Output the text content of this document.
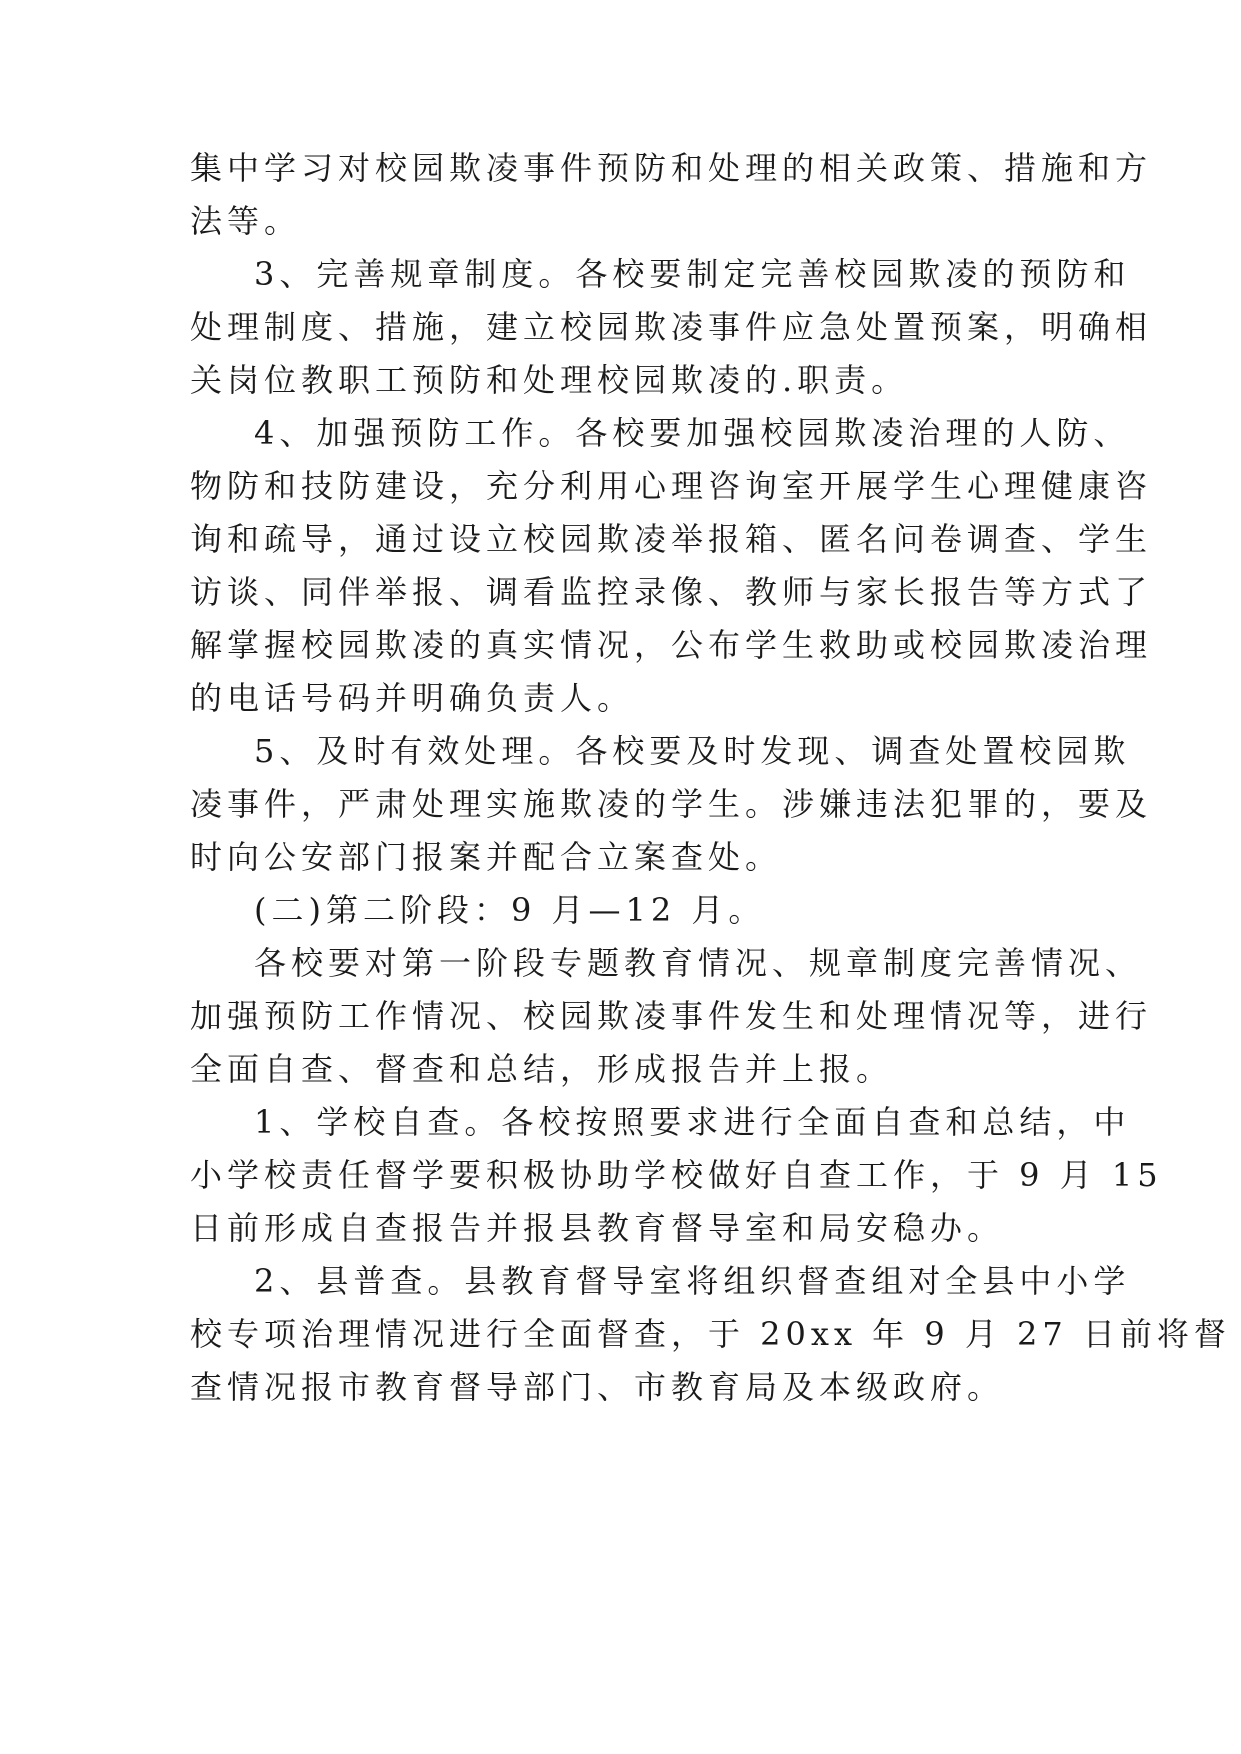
集中学习对校园欺凌事件预防和处理的相关政策、措施和方
法等。
3、完善规章制度。各校要制定完善校园欺凌的预防和
处理制度、措施，建立校园欺凌事件应急处置预案，明确相
关岗位教职工预防和处理校园欺凌的.职责。
4、加强预防工作。各校要加强校园欺凌治理的人防、
物防和技防建设，充分利用心理咨询室开展学生心理健康咨
询和疏导，通过设立校园欺凌举报箱、匿名问卷调查、学生
访谈、同伴举报、调看监控录像、教师与家长报告等方式了
解掌握校园欺凌的真实情况，公布学生救助或校园欺凌治理
的电话号码并明确负责人。
5、及时有效处理。各校要及时发现、调查处置校园欺
凌事件，严肃处理实施欺凌的学生。涉嫌违法犯罪的，要及
时向公安部门报案并配合立案查处。
(二)第二阶段：9 月—12 月。
各校要对第一阶段专题教育情况、规章制度完善情况、
加强预防工作情况、校园欺凌事件发生和处理情况等，进行
全面自查、督查和总结，形成报告并上报。
1、学校自查。各校按照要求进行全面自查和总结，中
小学校责任督学要积极协助学校做好自查工作，于 9 月 15
日前形成自查报告并报县教育督导室和局安稳办。
2、县普查。县教育督导室将组织督查组对全县中小学
校专项治理情况进行全面督查，于 20xx 年 9 月 27 日前将督
查情况报市教育督导部门、市教育局及本级政府。
